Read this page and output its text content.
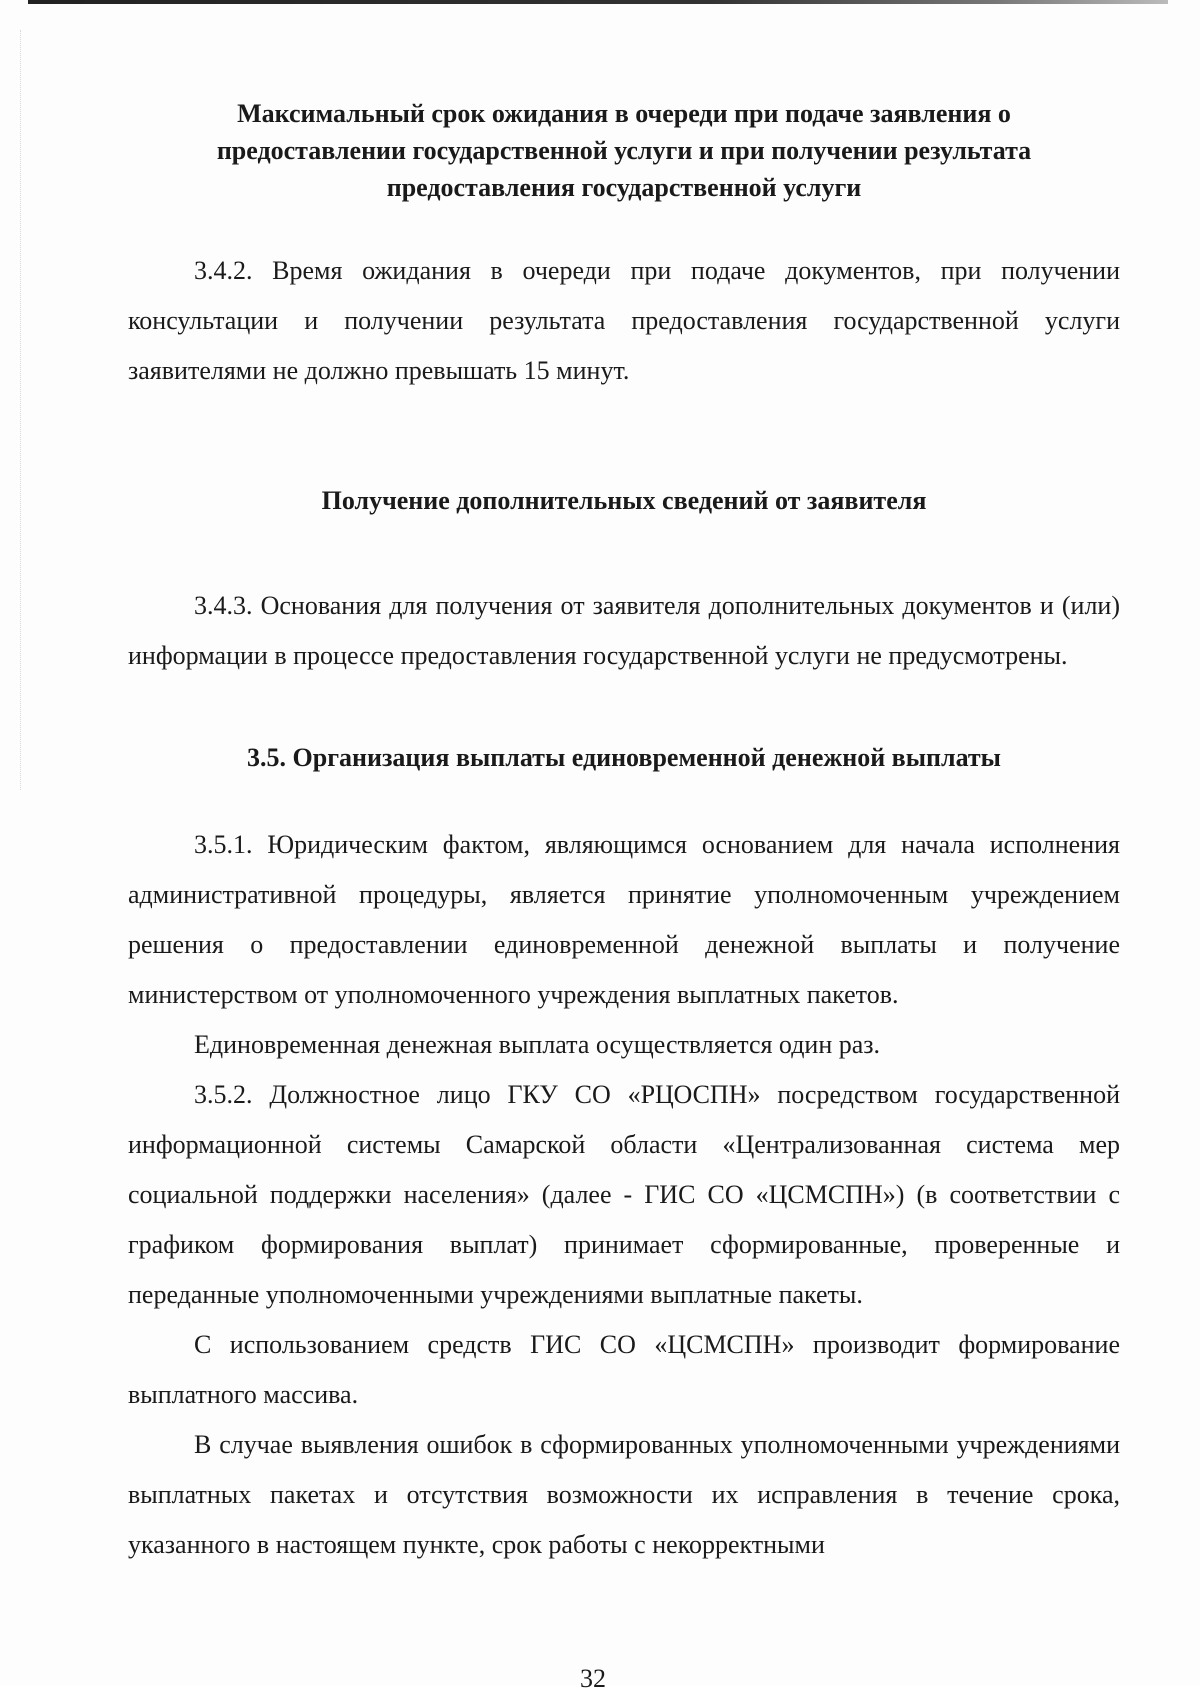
Максимальный срок ожидания в очереди при подаче заявления о предоставлении государственной услуги и при получении результата предоставления государственной услуги

3.4.2. Время ожидания в очереди при подаче документов, при получении консультации и получении результата предоставления государственной услуги заявителями не должно превышать 15 минут.

Получение дополнительных сведений от заявителя

3.4.3. Основания для получения от заявителя дополнительных документов и (или) информации в процессе предоставления государственной услуги не предусмотрены.

3.5. Организация выплаты единовременной денежной выплаты

3.5.1. Юридическим фактом, являющимся основанием для начала исполнения административной процедуры, является принятие уполномоченным учреждением решения о предоставлении единовременной денежной выплаты и получение министерством от уполномоченного учреждения выплатных пакетов.

Единовременная денежная выплата осуществляется один раз.

3.5.2. Должностное лицо ГКУ СО «РЦОСПН» посредством государственной информационной системы Самарской области «Централизованная система мер социальной поддержки населения» (далее - ГИС СО «ЦСМСПН») (в соответствии с графиком формирования выплат) принимает сформированные, проверенные и переданные уполномоченными учреждениями выплатные пакеты.

С использованием средств ГИС СО «ЦСМСПН» производит формирование выплатного массива.

В случае выявления ошибок в сформированных уполномоченными учреждениями выплатных пакетах и отсутствия возможности их исправления в течение срока, указанного в настоящем пункте, срок работы с некорректными

32
